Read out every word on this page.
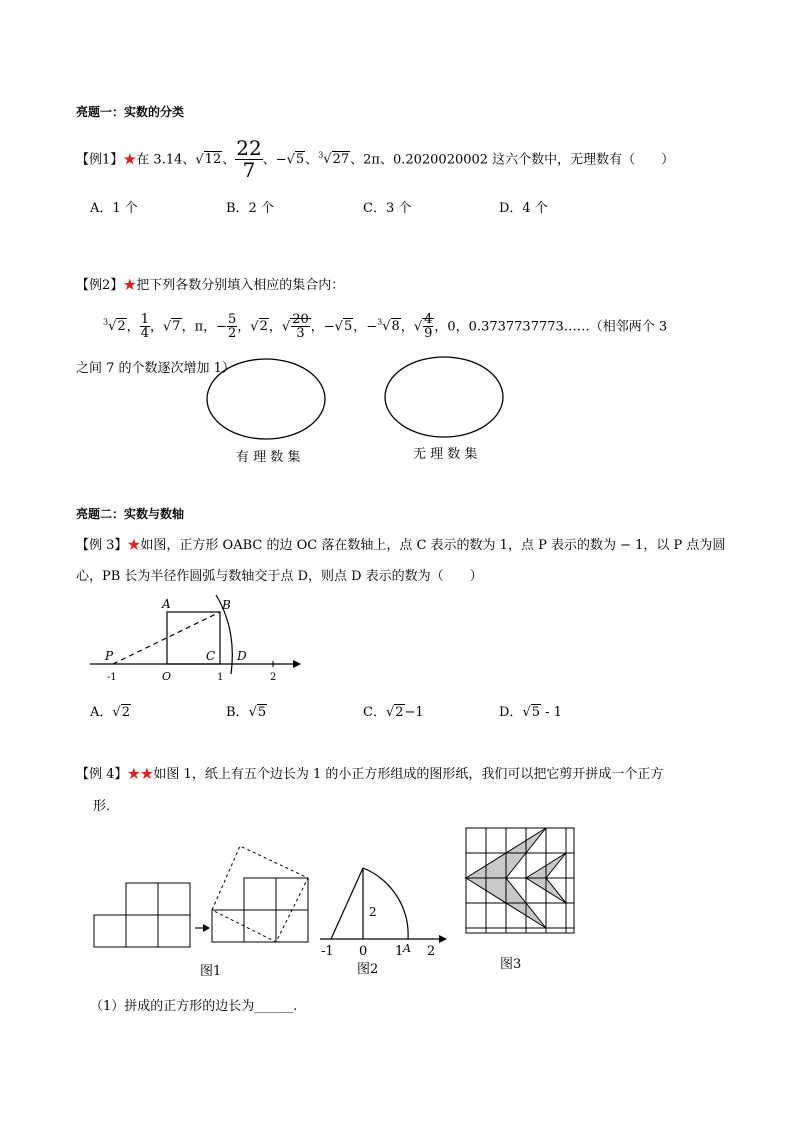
亮题一：实数的分类
【例1】★在 3.14、√12、 $\frac{22}{7}$ 、−√5、$^3$√27、2π、0.2020020002 这六个数中，无理数有（　　）
A．1 个	B．2 个	C．3 个	D．4 个
【例2】★把下列各数分别填入相应的集合内：
$^3$√2， $\frac{1}{4}$ ，√7，π，− $\frac{5}{2}$ ，√2，√ $\frac{20}{3}$ ，−√5，−$^3$√8，√ $\frac{4}{9}$ ，0，0.3737737773……（相邻两个 3
之间 7 的个数逐次增加 1）
有 理 数 集	无 理 数 集
亮题二：实数与数轴
【例 3】★如图，正方形 OABC 的边 OC 落在数轴上，点 C 表示的数为 1，点 P 表示的数为 − 1，以 P 点为圆
心，PB 长为半径作圆弧与数轴交于点 D，则点 D 表示的数为（　　）
A	B
C D
P
-1	O	1	2
A．√2	B．√5	C．√2−1	D．√5 - 1
【例 4】★★如图 1，纸上有五个边长为 1 的小正方形组成的图形纸，我们可以把它剪开拼成一个正方
形．
图1
2
-1 0 1 2
A
图2	图3
（1）拼成的正方形的边长为______.
